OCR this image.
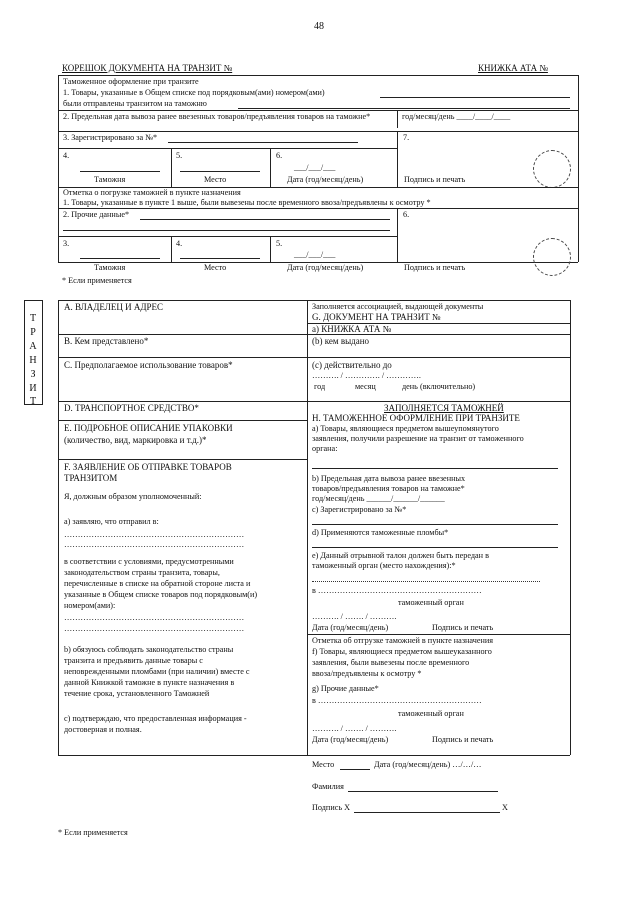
48
КОРЕШОК ДОКУМЕНТА НА ТРАНЗИТ №	КНИЖКА АТА №
Таможенное оформление при транзите
1. Товары, указанные в Общем списке под порядковым(ами) номером(ами)
были отправлены транзитом на таможню
2. Предельная дата вывоза ранее ввезенных товаров/предъявления товаров на таможне*	год/месяц/день ____/____/____
3. Зарегистрировано за №*	7.
4.	5.	6.
___/___/___
Таможня	Место	Дата (год/месяц/день)	Подпись и печать
Отметка о погрузке таможней в пункте назначения
1. Товары, указанные в пункте 1 выше, были вывезены после временного ввоза/предъявлены к осмотру *
2. Прочие данные*	6.
3.	4.	5.
___/___/___
Таможня	Место	Дата (год/месяц/день)	Подпись и печать
* Если применяется
Т
Р
А
Н
З
И
Т
A. ВЛАДЕЛЕЦ И АДРЕС	Заполняется ассоциацией, выдающей документы
G. ДОКУМЕНТ НА ТРАНЗИТ №
а) КНИЖКА АТА №
B. Кем представлено*	(b) кем выдано
C. Предполагаемое использование товаров*	(c) действительно до
………. / …………. / ………….
год	месяц	день (включительно)
D. ТРАНСПОРТНОЕ СРЕДСТВО*	ЗАПОЛНЯЕТСЯ ТАМОЖНЕЙ
H. ТАМОЖЕННОЕ ОФОРМЛЕНИЕ ПРИ ТРАНЗИТЕ
а) Товары, являющиеся предметом вышеупомянутого
заявления, получили разрешение на транзит от таможенного
органа:
E. ПОДРОБНОЕ ОПИСАНИЕ УПАКОВКИ
(количество, вид, маркировка и т.д.)*
F. ЗАЯВЛЕНИЕ ОБ ОТПРАВКЕ ТОВАРОВ
ТРАНЗИТОМ
Я, должным образом уполномоченный:
а) заявляю, что отправил в:
…………………………………………………………
…………………………………………………………
в соответствии с условиями, предусмотренными
законодательством страны транзита, товары,
перечисленные в списке на обратной стороне листа и
указанные в Общем списке товаров под порядковым(и)
номером(ами):
…………………………………………………………
…………………………………………………………
b) обязуюсь соблюдать законодательство страны
транзита и предъявить данные товары с
неповрежденными пломбами (при наличии) вместе с
данной Книжкой таможне в пункте назначения в
течение срока, установленного Таможней
с) подтверждаю, что предоставленная информация -
достоверная и полная.
b) Предельная дата вывоза ранее ввезенных
товаров/предъявления товаров на таможне*
год/месяц/день ______/______/______
с) Зарегистрировано за №*
d) Применяются таможенные пломбы*
е) Данный отрывной талон должен быть передан в
таможенный орган (место нахождения):*
в ……………………………………………………
таможенный орган
………. / ……. / ……….
Дата (год/месяц/день)	Подпись и печать
Отметка об отгрузке таможней в пункте назначения
f) Товары, являющиеся предметом вышеуказанного
заявления, были вывезены после временного
ввоза/предъявлены к осмотру *
g) Прочие данные*
в ……………………………………………………
таможенный орган
………. / ……. / ……….
Дата (год/месяц/день)	Подпись и печать
Место	Дата (год/месяц/день) …/…/…
Фамилия
Подпись X	X
* Если применяется
